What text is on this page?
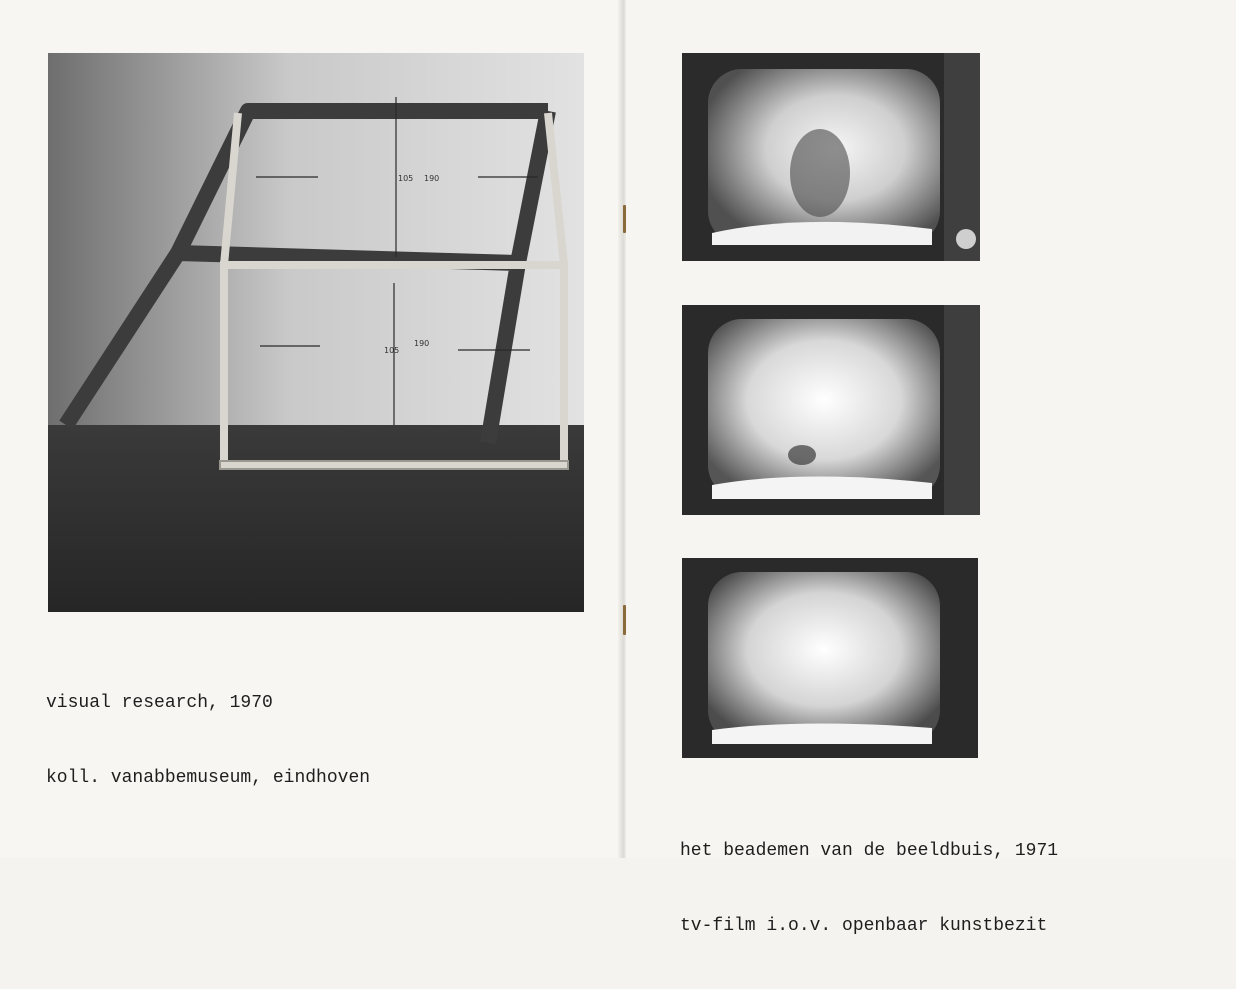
105 190
105
190

visual research, 1970

koll. vanabbemuseum, eindhoven

het beademen van de beeldbuis, 1971

tv-film i.o.v. openbaar kunstbezit
